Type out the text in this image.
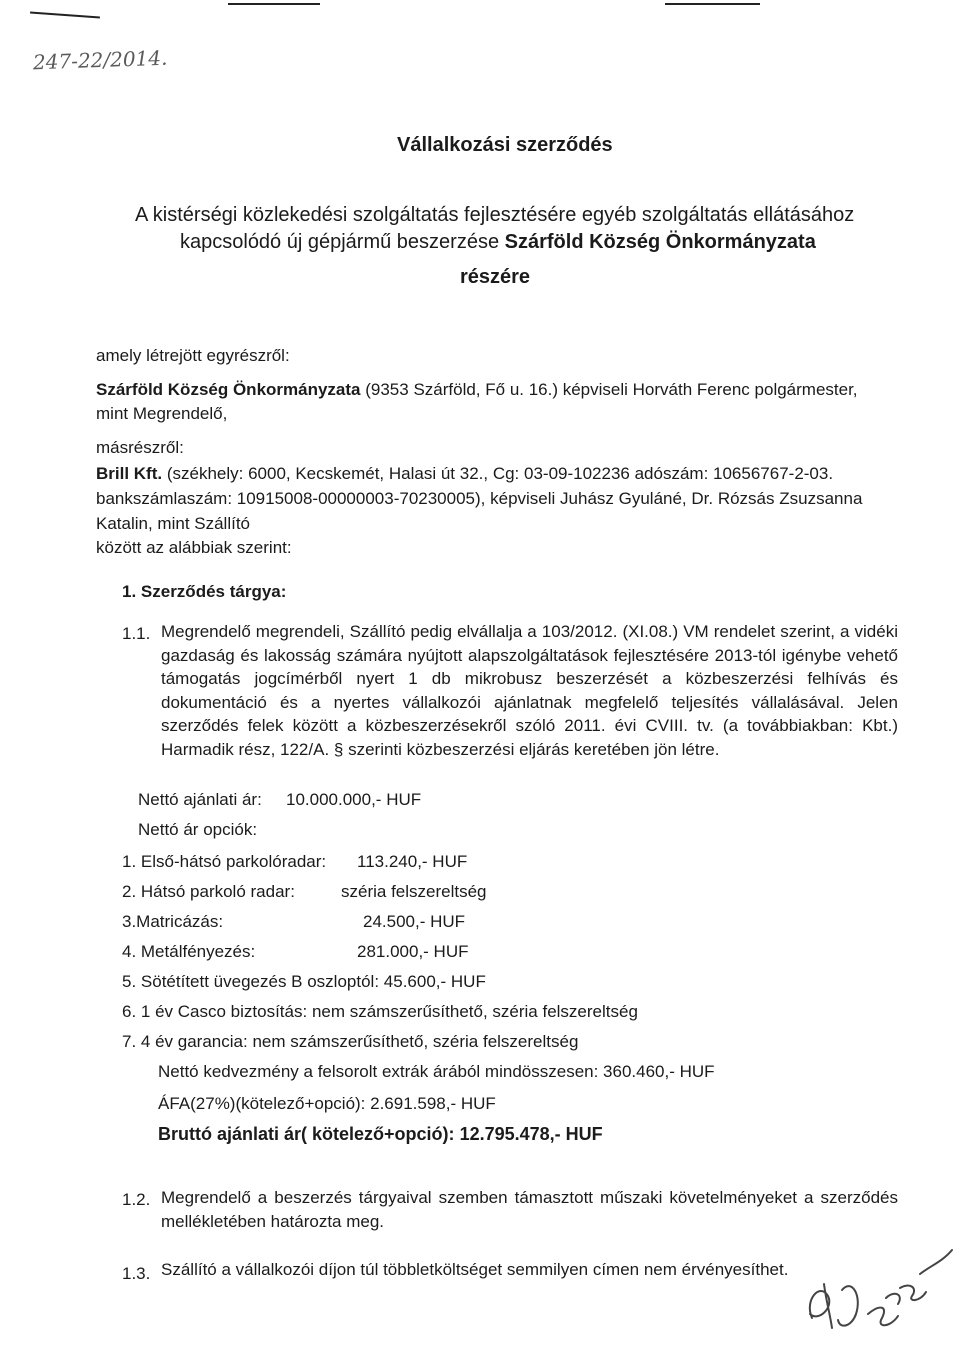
247-22/2014.
Vállalkozási szerződés
A kistérségi közlekedési szolgáltatás fejlesztésére egyéb szolgáltatás ellátásához
kapcsolódó új gépjármű beszerzése Szárföld Község Önkormányzata
részére
amely létrejött egyrészről:
Szárföld Község Önkormányzata (9353 Szárföld, Fő u. 16.) képviseli Horváth Ferenc polgármester,
mint Megrendelő,
másrészről:
Brill Kft. (székhely: 6000, Kecskemét, Halasi út 32., Cg: 03-09-102236 adószám: 10656767-2-03.
bankszámlaszám: 10915008-00000003-70230005), képviseli Juhász Gyuláné, Dr. Rózsás Zsuzsanna
Katalin, mint Szállító
között az alábbiak szerint:
1. Szerződés tárgya:
1.1. Megrendelő megrendeli, Szállító pedig elvállalja a 103/2012. (XI.08.) VM rendelet szerint, a vidéki gazdaság és lakosság számára nyújtott alapszolgáltatások fejlesztésére 2013-tól igénybe vehető támogatás jogcímérből nyert 1 db mikrobusz beszerzését a közbeszerzési felhívás és dokumentáció és a nyertes vállalkozói ajánlatnak megfelelő teljesítés vállalásával. Jelen szerződés felek között a közbeszerzésekről szóló 2011. évi CVIII. tv. (a továbbiakban: Kbt.) Harmadik rész, 122/A. § szerinti közbeszerzési eljárás keretében jön létre.
Nettó ajánlati ár: 10.000.000,- HUF
Nettó ár opciók:
1. Első-hátsó parkolóradar: 113.240,- HUF
2. Hátsó parkoló radar:	széria felszereltség
3.Matricázás:	24.500,- HUF
4. Metálfényezés:	281.000,- HUF
5. Sötétített üvegezés B oszloptól: 45.600,- HUF
6. 1 év Casco biztosítás: nem számszerűsíthető, széria felszereltség
7. 4 év garancia: nem számszerűsíthető, széria felszereltség
Nettó kedvezmény a felsorolt extrák árából mindösszesen: 360.460,- HUF
ÁFA(27%)(kötelező+opció): 2.691.598,- HUF
Bruttó ajánlati ár( kötelező+opció): 12.795.478,- HUF
1.2. Megrendelő a beszerzés tárgyaival szemben támasztott műszaki követelményeket a szerződés mellékletében határozta meg.
1.3. Szállító a vállalkozói díjon túl többletköltséget semmilyen címen nem érvényesíthet.
